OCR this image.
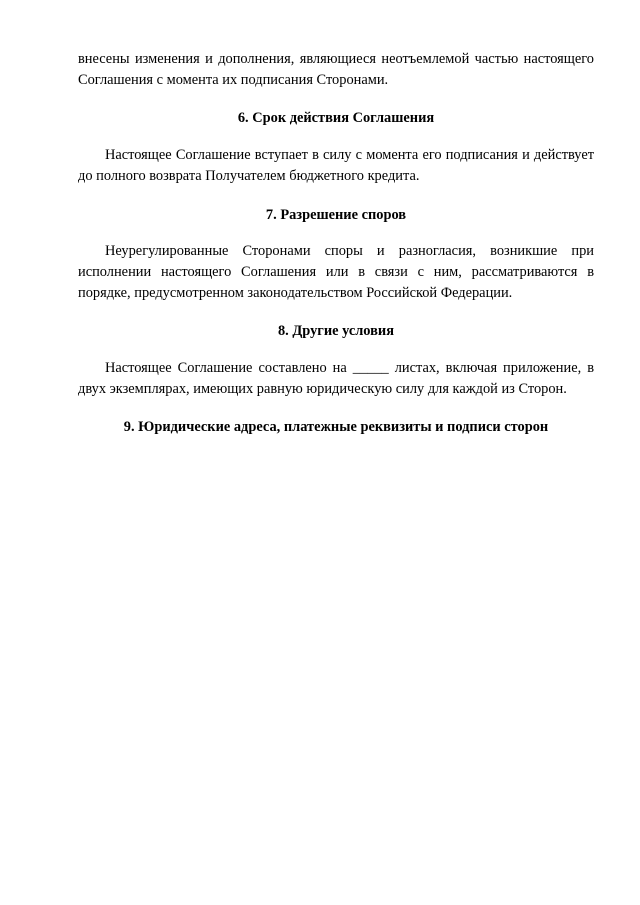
внесены изменения и дополнения, являющиеся неотъемлемой частью настоящего Соглашения с момента их подписания Сторонами.

6. Срок действия Соглашения

Настоящее Соглашение вступает в силу с момента его подписания и действует до полного возврата Получателем бюджетного кредита.

7. Разрешение споров

Неурегулированные Сторонами споры и разногласия, возникшие при исполнении настоящего Соглашения или в связи с ним, рассматриваются в порядке, предусмотренном законодательством Российской Федерации.

8. Другие условия

Настоящее Соглашение составлено на _____ листах, включая приложение, в двух экземплярах, имеющих равную юридическую силу для каждой из Сторон.

9. Юридические адреса, платежные реквизиты и подписи сторон
